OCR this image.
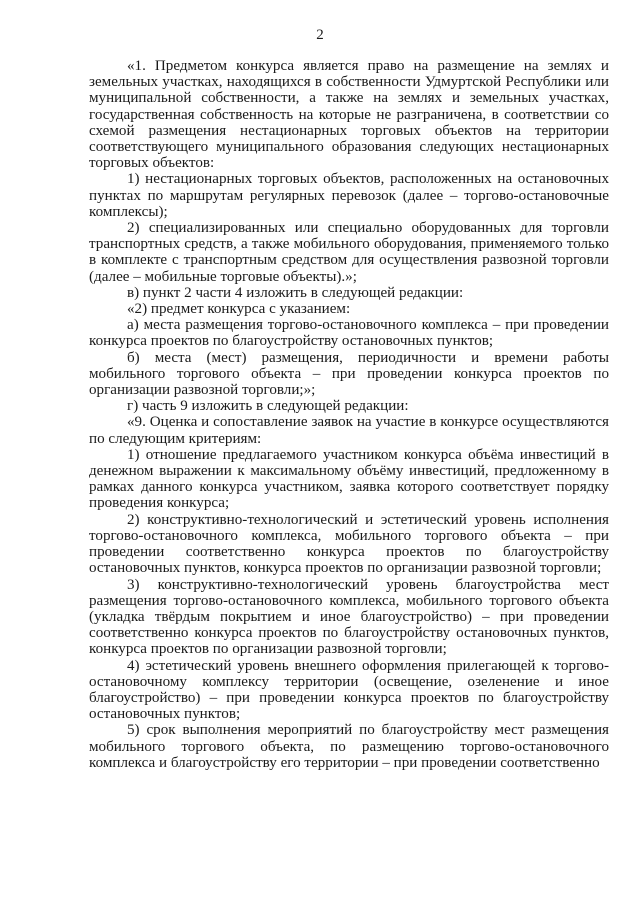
2

«1. Предметом конкурса является право на размещение на землях и земельных участках, находящихся в собственности Удмуртской Республики или муниципальной собственности, а также на землях и земельных участках, государственная собственность на которые не разграничена, в соответствии со схемой размещения нестационарных торговых объектов на территории соответствующего муниципального образования следующих нестационарных торговых объектов:

1) нестационарных торговых объектов, расположенных на остановочных пунктах по маршрутам регулярных перевозок (далее – торгово-остановочные комплексы);

2) специализированных или специально оборудованных для торговли транспортных средств, а также мобильного оборудования, применяемого только в комплекте с транспортным средством для осуществления развозной торговли (далее – мобильные торговые объекты).»;

в) пункт 2 части 4 изложить в следующей редакции:

«2) предмет конкурса с указанием:

а) места размещения торгово-остановочного комплекса – при проведении конкурса проектов по благоустройству остановочных пунктов;

б) места (мест) размещения, периодичности и времени работы мобильного торгового объекта – при проведении конкурса проектов по организации развозной торговли;»;

г) часть 9 изложить в следующей редакции:

«9. Оценка и сопоставление заявок на участие в конкурсе осуществляются по следующим критериям:

1) отношение предлагаемого участником конкурса объёма инвестиций в денежном выражении к максимальному объёму инвестиций, предложенному в рамках данного конкурса участником, заявка которого соответствует порядку проведения конкурса;

2) конструктивно-технологический и эстетический уровень исполнения торгово-остановочного комплекса, мобильного торгового объекта – при проведении соответственно конкурса проектов по благоустройству остановочных пунктов, конкурса проектов по организации развозной торговли;

3) конструктивно-технологический уровень благоустройства мест размещения торгово-остановочного комплекса, мобильного торгового объекта (укладка твёрдым покрытием и иное благоустройство) – при проведении соответственно конкурса проектов по благоустройству остановочных пунктов, конкурса проектов по организации развозной торговли;

4) эстетический уровень внешнего оформления прилегающей к торгово-остановочному комплексу территории (освещение, озеленение и иное благоустройство) – при проведении конкурса проектов по благоустройству остановочных пунктов;

5) срок выполнения мероприятий по благоустройству мест размещения мобильного торгового объекта, по размещению торгово-остановочного комплекса и благоустройству его территории – при проведении соответственно
